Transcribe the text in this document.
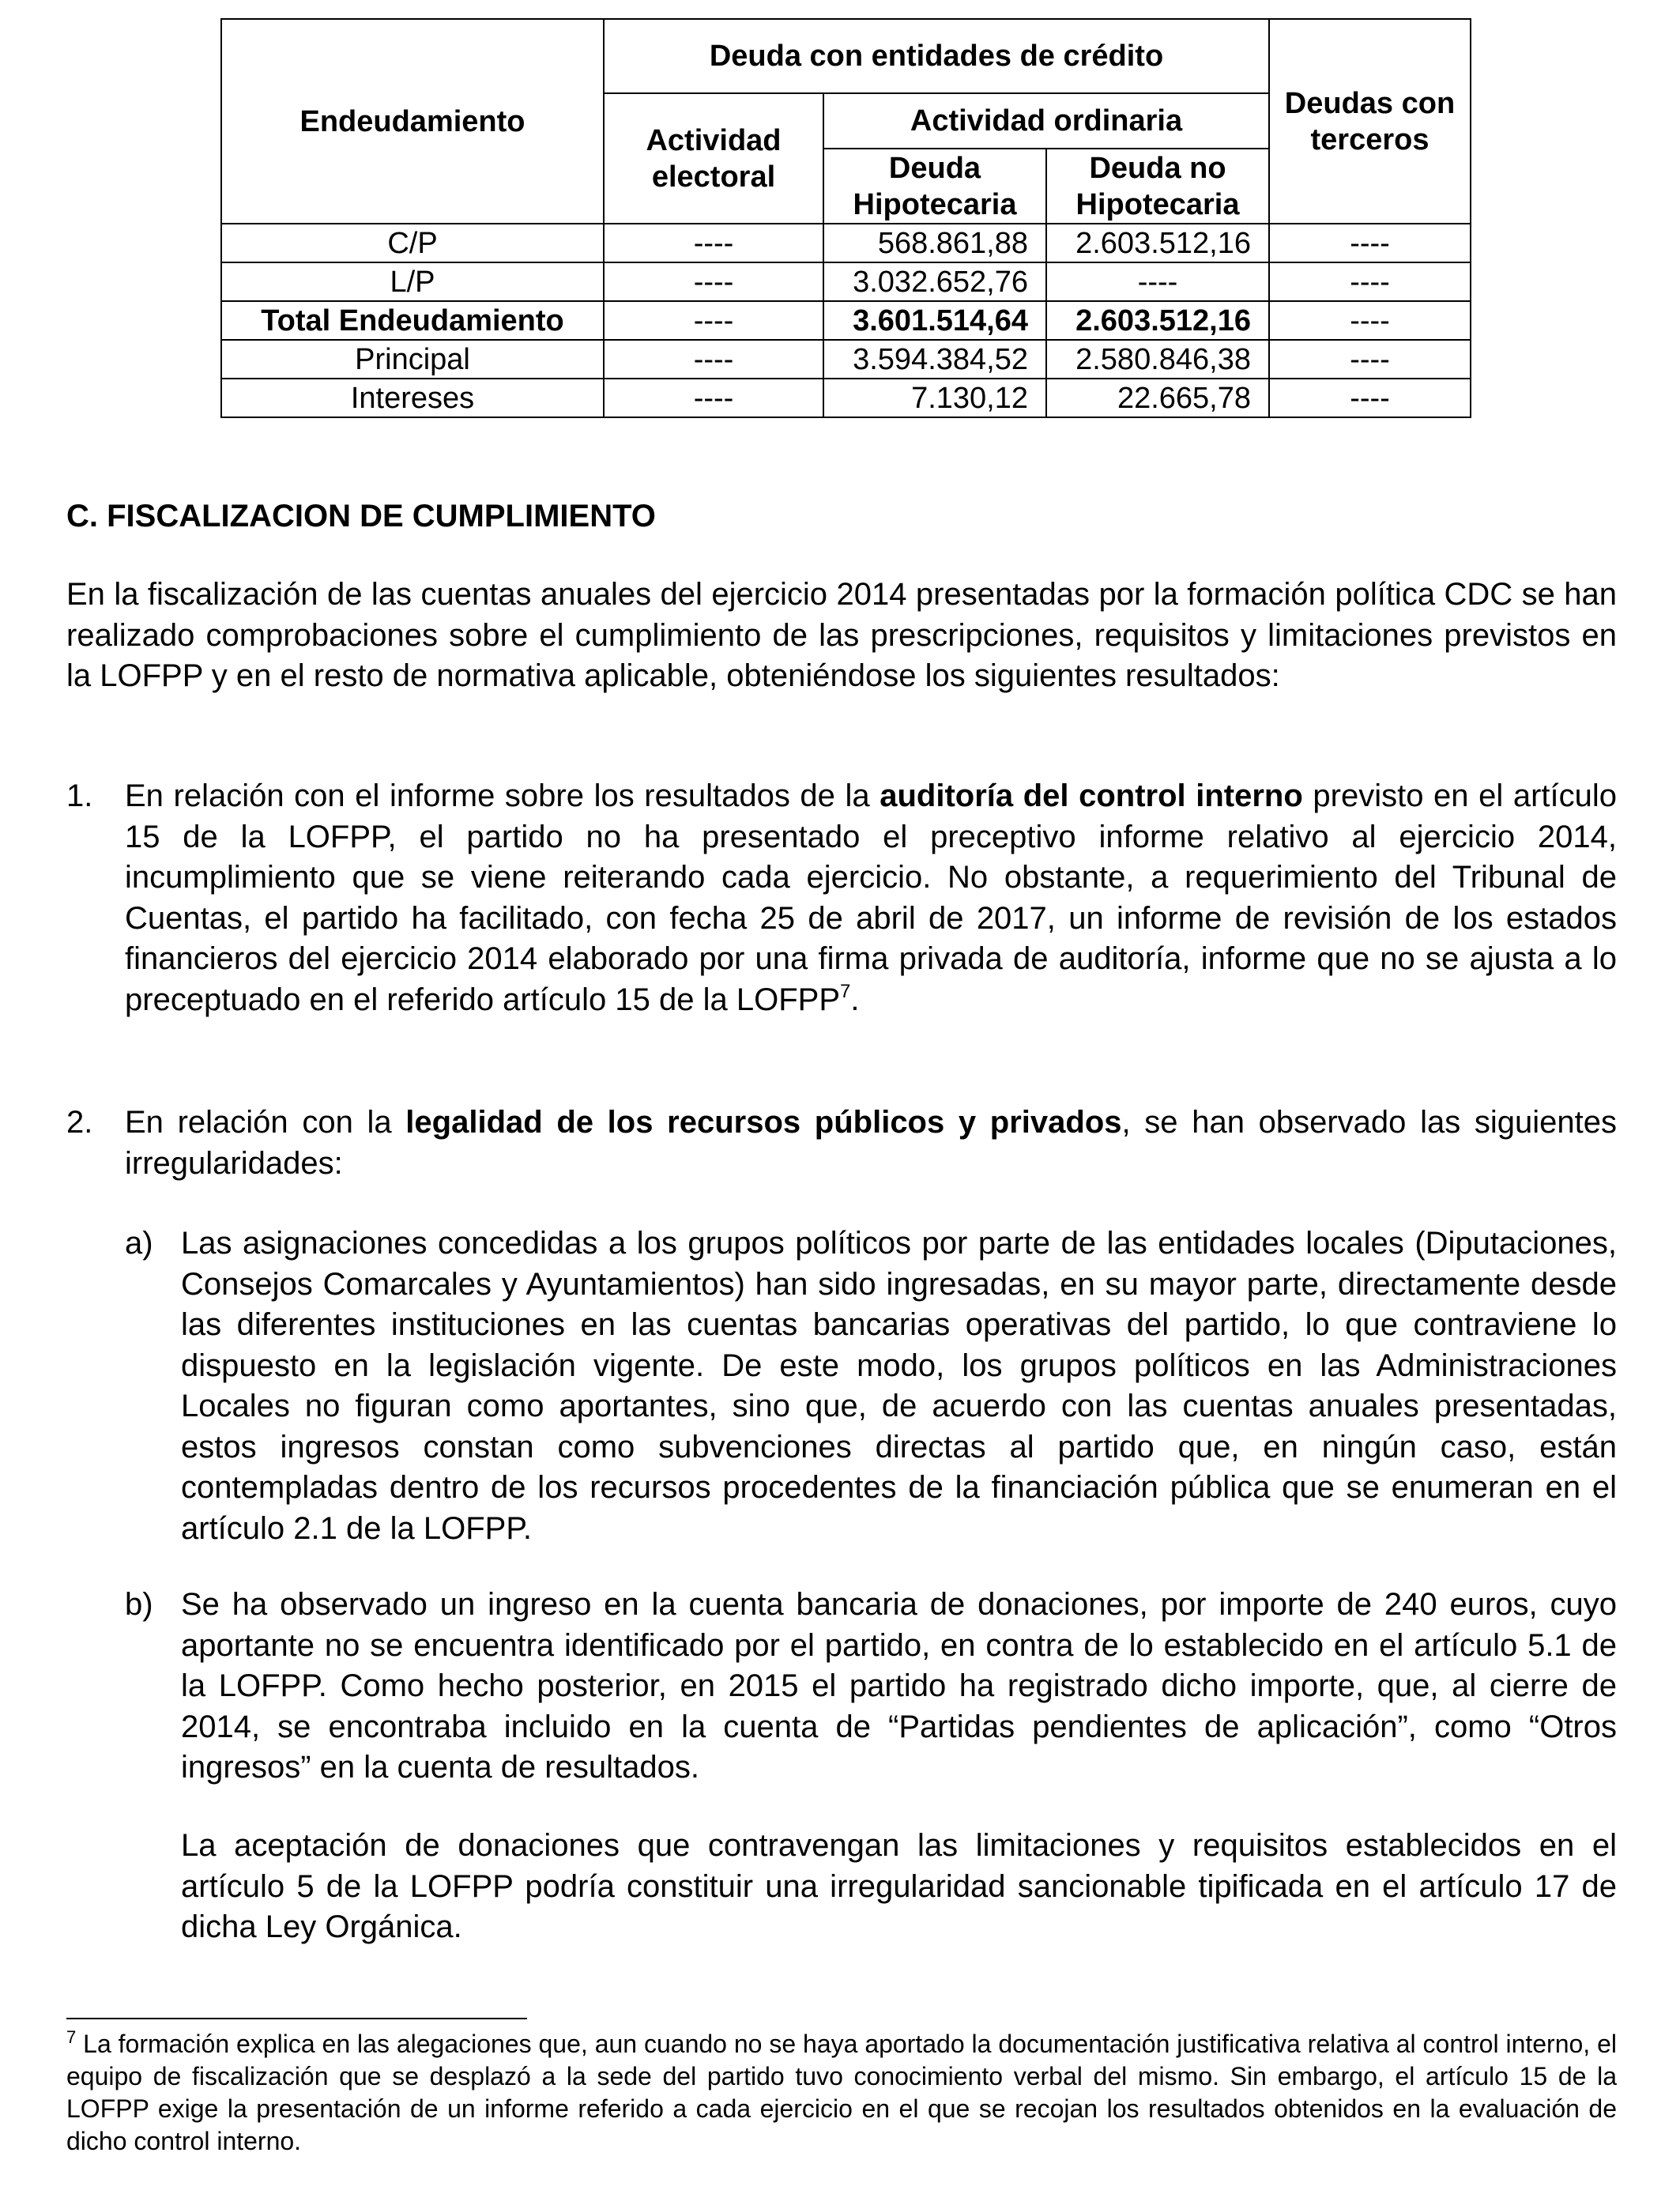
Endeudamiento	Deuda con entidades de crédito			Deudas con terceros
	Actividad electoral	Actividad ordinaria		
		Deuda Hipotecaria	Deuda no Hipotecaria	
C/P	----	568.861,88	2.603.512,16	----
L/P	----	3.032.652,76	----	----
Total Endeudamiento	----	3.601.514,64	2.603.512,16	----
Principal	----	3.594.384,52	2.580.846,38	----
Intereses	----	7.130,12	22.665,78	----
C. FISCALIZACION DE CUMPLIMIENTO

En la fiscalización de las cuentas anuales del ejercicio 2014 presentadas por la formación política CDC se han realizado comprobaciones sobre el cumplimiento de las prescripciones, requisitos y limitaciones previstos en la LOFPP y en el resto de normativa aplicable, obteniéndose los siguientes resultados:

1. En relación con el informe sobre los resultados de la auditoría del control interno previsto en el artículo 15 de la LOFPP, el partido no ha presentado el preceptivo informe relativo al ejercicio 2014, incumplimiento que se viene reiterando cada ejercicio. No obstante, a requerimiento del Tribunal de Cuentas, el partido ha facilitado, con fecha 25 de abril de 2017, un informe de revisión de los estados financieros del ejercicio 2014 elaborado por una firma privada de auditoría, informe que no se ajusta a lo preceptuado en el referido artículo 15 de la LOFPP$^7$.

2. En relación con la legalidad de los recursos públicos y privados, se han observado las siguientes irregularidades:

a) Las asignaciones concedidas a los grupos políticos por parte de las entidades locales (Diputaciones, Consejos Comarcales y Ayuntamientos) han sido ingresadas, en su mayor parte, directamente desde las diferentes instituciones en las cuentas bancarias operativas del partido, lo que contraviene lo dispuesto en la legislación vigente. De este modo, los grupos políticos en las Administraciones Locales no figuran como aportantes, sino que, de acuerdo con las cuentas anuales presentadas, estos ingresos constan como subvenciones directas al partido que, en ningún caso, están contempladas dentro de los recursos procedentes de la financiación pública que se enumeran en el artículo 2.1 de la LOFPP.

b) Se ha observado un ingreso en la cuenta bancaria de donaciones, por importe de 240 euros, cuyo aportante no se encuentra identificado por el partido, en contra de lo establecido en el artículo 5.1 de la LOFPP. Como hecho posterior, en 2015 el partido ha registrado dicho importe, que, al cierre de 2014, se encontraba incluido en la cuenta de “Partidas pendientes de aplicación”, como “Otros ingresos” en la cuenta de resultados.

La aceptación de donaciones que contravengan las limitaciones y requisitos establecidos en el artículo 5 de la LOFPP podría constituir una irregularidad sancionable tipificada en el artículo 17 de dicha Ley Orgánica.

$^7$ La formación explica en las alegaciones que, aun cuando no se haya aportado la documentación justificativa relativa al control interno, el equipo de fiscalización que se desplazó a la sede del partido tuvo conocimiento verbal del mismo. Sin embargo, el artículo 15 de la LOFPP exige la presentación de un informe referido a cada ejercicio en el que se recojan los resultados obtenidos en la evaluación de dicho control interno.
